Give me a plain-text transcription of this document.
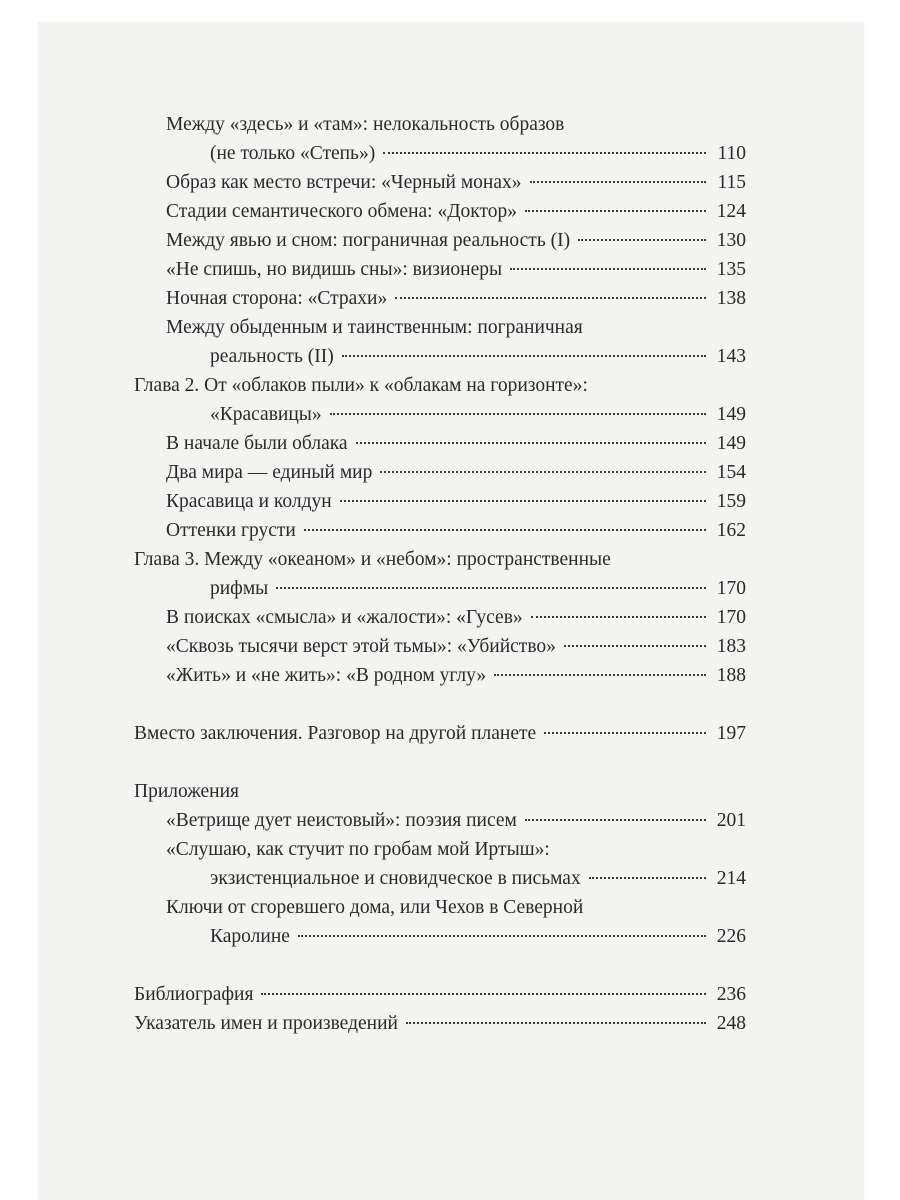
Между «здесь» и «там»: нелокальность образов
(не только «Степь»)	110
Образ как место встречи: «Черный монах»	115
Стадии семантического обмена: «Доктор»	124
Между явью и сном: пограничная реальность (I)	130
«Не спишь, но видишь сны»: визионеры	135
Ночная сторона: «Страхи»	138
Между обыденным и таинственным: пограничная
реальность (II)	143
Глава 2. От «облаков пыли» к «облакам на горизонте»:
«Красавицы»	149
В начале были облака	149
Два мира — единый мир	154
Красавица и колдун	159
Оттенки грусти	162
Глава 3. Между «океаном» и «небом»: пространственные
рифмы	170
В поисках «смысла» и «жалости»: «Гусев»	170
«Сквозь тысячи верст этой тьмы»: «Убийство»	183
«Жить» и «не жить»: «В родном углу»	188
Вместо заключения. Разговор на другой планете	197
Приложения
«Ветрище дует неистовый»: поэзия писем	201
«Слушаю, как стучит по гробам мой Иртыш»:
экзистенциальное и сновидческое в письмах	214
Ключи от сгоревшего дома, или Чехов в Северной
Каролине	226
Библиография	236
Указатель имен и произведений	248
